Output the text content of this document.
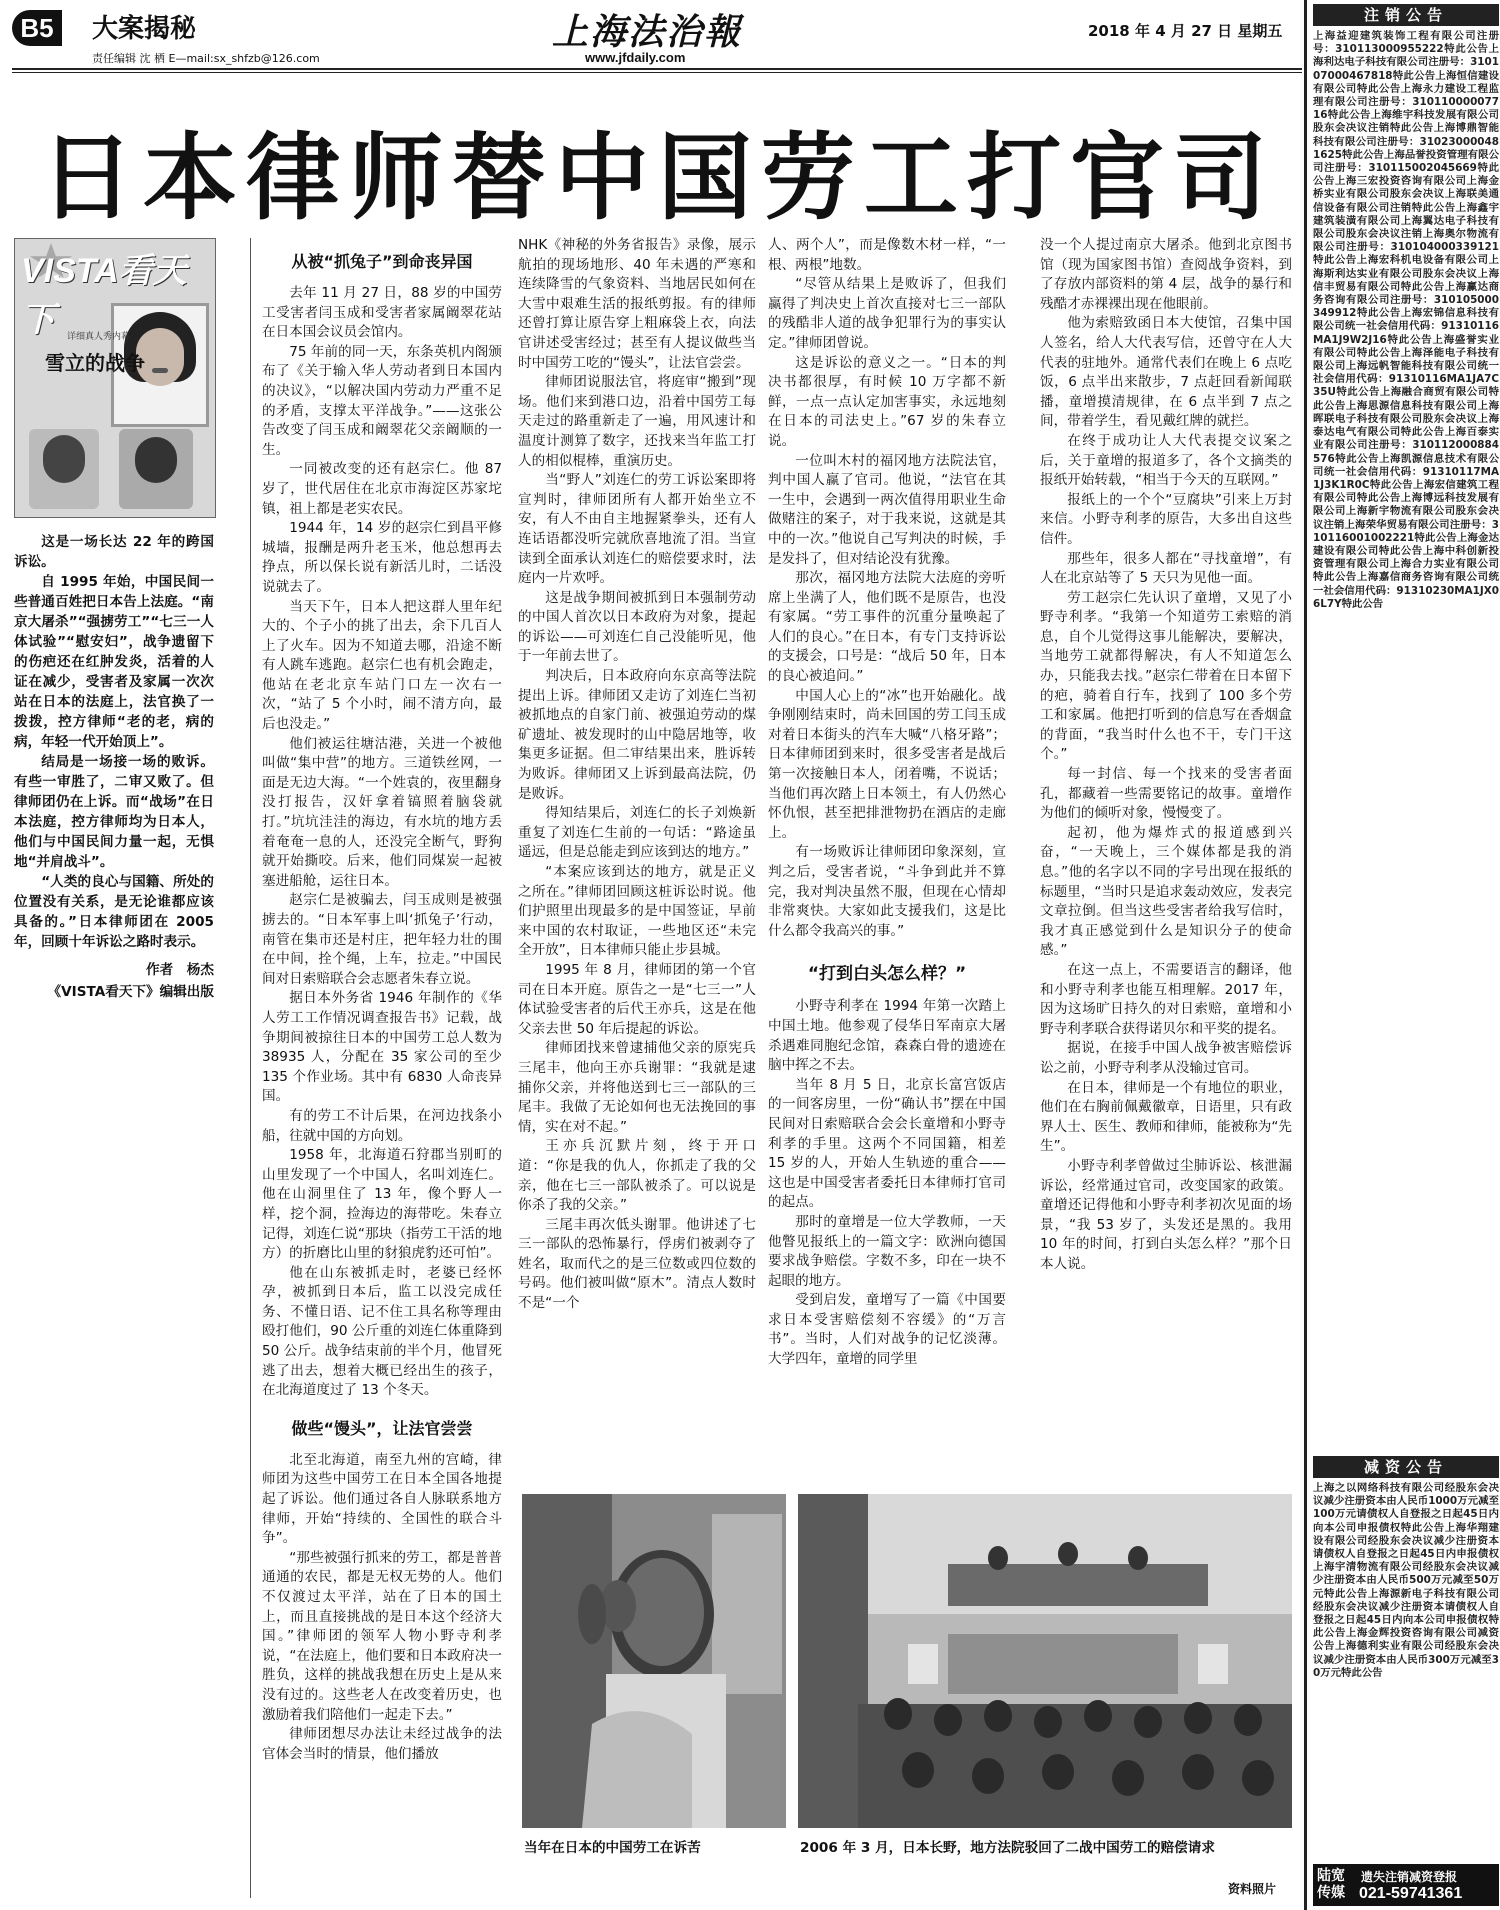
B5	大案揭秘
责任编辑 沈 栖 E—mail:sx_shfzb@126.com
上海法治報
www.jfdaily.com
2018 年 4 月 27 日 星期五
日本律师替中国劳工打官司
VISTA看天下	详细真人秀内幕
雪立的战争

这是一场长达 22 年的跨国诉讼。

自 1995 年始，中国民间一些普通百姓把日本告上法庭。“南京大屠杀”“强掳劳工”“七三一人体试验”“慰安妇”，战争遗留下的伤疤还在红肿发炎，活着的人证在减少，受害者及家属一次次站在日本的法庭上，法官换了一拨拨，控方律师“老的老，病的病，年轻一代开始顶上”。

结局是一场接一场的败诉。有些一审胜了，二审又败了。但律师团仍在上诉。而“战场”在日本法庭，控方律师均为日本人，他们与中国民间力量一起，无惧地“并肩战斗”。

“人类的良心与国籍、所处的位置没有关系，是无论谁都应该具备的。”日本律师团在 2005 年，回顾十年诉讼之路时表示。

作者　杨杰

《VISTA看天下》编辑出版

从被“抓兔子”到命丧异国

去年 11 月 27 日，88 岁的中国劳工受害者闫玉成和受害者家属阚翠花站在日本国会议员会馆内。

75 年前的同一天，东条英机内阁颁布了《关于输入华人劳动者到日本国内的决议》，“以解决国内劳动力严重不足的矛盾，支撑太平洋战争。”——这张公告改变了闫玉成和阚翠花父亲阚顺的一生。

一同被改变的还有赵宗仁。他 87 岁了，世代居住在北京市海淀区苏家坨镇，祖上都是老实农民。

1944 年，14 岁的赵宗仁到昌平修城墙，报酬是两升老玉米，他总想再去挣点，所以保长说有新活儿时，二话没说就去了。

当天下午，日本人把这群人里年纪大的、个子小的挑了出去，余下几百人上了火车。因为不知道去哪，沿途不断有人跳车逃跑。赵宗仁也有机会跑走，他站在老北京车站门口左一次右一次，“站了 5 个小时，闹不清方向，最后也没走。”

他们被运往塘沽港，关进一个被他叫做“集中营”的地方。三道铁丝网，一面是无边大海。“一个姓袁的，夜里翻身没打报告，汉奸拿着镐照着脑袋就打。”坑坑洼洼的海边，有水坑的地方丢着奄奄一息的人，还没完全断气，野狗就开始撕咬。后来，他们同煤炭一起被塞进船舱，运往日本。

赵宗仁是被骗去，闫玉成则是被强掳去的。“日本军事上叫‘抓兔子’行动，南管在集市还是村庄，把年轻力壮的围在中间，拴个绳，上车，拉走。”中国民间对日索赔联合会志愿者朱春立说。

据日本外务省 1946 年制作的《华人劳工工作情况调查报告书》记载，战争期间被掠往日本的中国劳工总人数为 38935 人，分配在 35 家公司的至少 135 个作业场。其中有 6830 人命丧异国。

有的劳工不计后果，在河边找条小船，往就中国的方向划。

1958 年，北海道石狩郡当别町的山里发现了一个中国人，名叫刘连仁。他在山洞里住了 13 年，像个野人一样，挖个洞，捡海边的海带吃。朱春立记得，刘连仁说“那块（指劳工干活的地方）的折磨比山里的豺狼虎豹还可怕”。

他在山东被抓走时，老婆已经怀孕，被抓到日本后，监工以没完成任务、不懂日语、记不住工具名称等理由殴打他们，90 公斤重的刘连仁体重降到 50 公斤。战争结束前的半个月，他冒死逃了出去，想着大概已经出生的孩子，在北海道度过了 13 个冬天。

做些“馒头”，让法官尝尝

北至北海道，南至九州的宫崎，律师团为这些中国劳工在日本全国各地提起了诉讼。他们通过各自人脉联系地方律师，开始“持续的、全国性的联合斗争”。

“那些被强行抓来的劳工，都是普普通通的农民，都是无权无势的人。他们不仅渡过太平洋，站在了日本的国土上，而且直接挑战的是日本这个经济大国。”律师团的领军人物小野寺利孝说，“在法庭上，他们要和日本政府决一胜负，这样的挑战我想在历史上是从来没有过的。这些老人在改变着历史，也激励着我们陪他们一起走下去。”

律师团想尽办法让未经过战争的法官体会当时的情景，他们播放

NHK《神秘的外务省报告》录像，展示航拍的现场地形、40 年未遇的严寒和连续降雪的气象资料、当地居民如何在大雪中艰难生活的报纸剪报。有的律师还曾打算让原告穿上粗麻袋上衣，向法官讲述受害经过；甚至有人提议做些当时中国劳工吃的“馒头”，让法官尝尝。

律师团说服法官，将庭审“搬到”现场。他们来到港口边，沿着中国劳工每天走过的路重新走了一遍，用风速计和温度计测算了数字，还找来当年监工打人的相似棍棒，重演历史。

当“野人”刘连仁的劳工诉讼案即将宣判时，律师团所有人都开始坐立不安，有人不由自主地握紧拳头，还有人连话语都没听完就欣喜地流了泪。当宣读到全面承认刘连仁的赔偿要求时，法庭内一片欢呼。

这是战争期间被抓到日本强制劳动的中国人首次以日本政府为对象，提起的诉讼——可刘连仁自己没能听见，他于一年前去世了。

判决后，日本政府向东京高等法院提出上诉。律师团又走访了刘连仁当初被抓地点的自家门前、被强迫劳动的煤矿遗址、被发现时的山中隐居地等，收集更多证据。但二审结果出来，胜诉转为败诉。律师团又上诉到最高法院，仍是败诉。

得知结果后，刘连仁的长子刘焕新重复了刘连仁生前的一句话：“路途虽遥远，但是总能走到应该到达的地方。”

“本案应该到达的地方，就是正义之所在。”律师团回顾这桩诉讼时说。他们护照里出现最多的是中国签证，早前来中国的农村取证，一些地区还“未完全开放”，日本律师只能止步县城。

1995 年 8 月，律师团的第一个官司在日本开庭。原告之一是“七三一”人体试验受害者的后代王亦兵，这是在他父亲去世 50 年后提起的诉讼。

律师团找来曾逮捕他父亲的原宪兵三尾丰，他向王亦兵谢罪：“我就是逮捕你父亲，并将他送到七三一部队的三尾丰。我做了无论如何也无法挽回的事情，实在对不起。”

王亦兵沉默片刻，终于开口道：“你是我的仇人，你抓走了我的父亲，他在七三一部队被杀了。可以说是你杀了我的父亲。”

三尾丰再次低头谢罪。他讲述了七三一部队的恐怖暴行，俘虏们被剥夺了姓名，取而代之的是三位数或四位数的号码。他们被叫做“原木”。清点人数时不是“一个

人、两个人”，而是像数木材一样，“一根、两根”地数。

“尽管从结果上是败诉了，但我们赢得了判决史上首次直接对七三一部队的残酷非人道的战争犯罪行为的事实认定。”律师团曾说。

这是诉讼的意义之一。“日本的判决书都很厚，有时候 10 万字都不新鲜，一点一点认定加害事实，永远地刻在日本的司法史上。”67 岁的朱春立说。

一位叫木村的福冈地方法院法官，判中国人赢了官司。他说，“法官在其一生中，会遇到一两次值得用职业生命做赌注的案子，对于我来说，这就是其中的一次。”他说自己写判决的时候，手是发抖了，但对结论没有犹豫。

那次，福冈地方法院大法庭的旁听席上坐满了人，他们既不是原告，也没有家属。“劳工事件的沉重分量唤起了人们的良心。”在日本，有专门支持诉讼的支援会，口号是：“战后 50 年，日本的良心被追问。”

中国人心上的“冰”也开始融化。战争刚刚结束时，尚未回国的劳工闫玉成对着日本街头的汽车大喊“八格牙路”；日本律师团到来时，很多受害者是战后第一次接触日本人，闭着嘴，不说话；当他们再次踏上日本领土，有人仍然心怀仇恨，甚至把排泄物扔在酒店的走廊上。

有一场败诉让律师团印象深刻，宣判之后，受害者说，“斗争到此并不算完，我对判决虽然不服，但现在心情却非常爽快。大家如此支援我们，这是比什么都令我高兴的事。”

“打到白头怎么样？”

小野寺利孝在 1994 年第一次踏上中国土地。他参观了侵华日军南京大屠杀遇难同胞纪念馆，森森白骨的遗迹在脑中挥之不去。

当年 8 月 5 日，北京长富宫饭店的一间客房里，一份“确认书”摆在中国民间对日索赔联合会会长童增和小野寺利孝的手里。这两个不同国籍，相差 15 岁的人，开始人生轨迹的重合——这也是中国受害者委托日本律师打官司的起点。

那时的童增是一位大学教师，一天他瞥见报纸上的一篇文字：欧洲向德国要求战争赔偿。字数不多，印在一块不起眼的地方。

受到启发，童增写了一篇《中国要求日本受害赔偿刻不容缓》的“万言书”。当时，人们对战争的记忆淡薄。大学四年，童增的同学里

没一个人提过南京大屠杀。他到北京图书馆（现为国家图书馆）查阅战争资料，到了存放内部资料的第 4 层，战争的暴行和残酷才赤裸裸出现在他眼前。

他为索赔致函日本大使馆，召集中国人签名，给人大代表写信，还曾守在人大代表的驻地外。通常代表们在晚上 6 点吃饭，6 点半出来散步，7 点赶回看新闻联播，童增摸清规律，在 6 点半到 7 点之间，带着学生，看见戴红牌的就拦。

在终于成功让人大代表提交议案之后，关于童增的报道多了，各个文摘类的报纸开始转载，“相当于今天的互联网。”

报纸上的一个个“豆腐块”引来上万封来信。小野寺利孝的原告，大多出自这些信件。

那些年，很多人都在“寻找童增”，有人在北京站等了 5 天只为见他一面。

劳工赵宗仁先认识了童增，又见了小野寺利孝。“我第一个知道劳工索赔的消息，自个儿觉得这事儿能解决，要解决，当地劳工就都得解决，有人不知道怎么办，只能我去找。”赵宗仁带着在日本留下的疤，骑着自行车，找到了 100 多个劳工和家属。他把打听到的信息写在香烟盒的背面，“我当时什么也不干，专门干这个。”

每一封信、每一个找来的受害者面孔，都藏着一些需要铭记的故事。童增作为他们的倾听对象，慢慢变了。

起初，他为爆炸式的报道感到兴奋，“一天晚上，三个媒体都是我的消息。”他的名字以不同的字号出现在报纸的标题里，“当时只是追求轰动效应，发表完文章拉倒。但当这些受害者给我写信时，我才真正感觉到什么是知识分子的使命感。”

在这一点上，不需要语言的翻译，他和小野寺利孝也能互相理解。2017 年，因为这场旷日持久的对日索赔，童增和小野寺利孝联合获得诺贝尔和平奖的提名。

据说，在接手中国人战争被害赔偿诉讼之前，小野寺利孝从没输过官司。

在日本，律师是一个有地位的职业，他们在右胸前佩戴徽章，日语里，只有政界人士、医生、教师和律师，能被称为“先生”。

小野寺利孝曾做过尘肺诉讼、核泄漏诉讼，经常通过官司，改变国家的政策。童增还记得他和小野寺利孝初次见面的场景，“我 53 岁了，头发还是黑的。我用 10 年的时间，打到白头怎么样？”那个日本人说。

当年在日本的中国劳工在诉苦	2006 年 3 月，日本长野，地方法院驳回了二战中国劳工的赔偿请求
资料照片
注销公告
上海益迎建筑装饰工程有限公司注册号：310113000955222特此公告上海利达电子科技有限公司注册号：310107000467818特此公告上海恒信建设有限公司特此公告上海永力建设工程监理有限公司注册号：31011000007716特此公告上海维宇科技发展有限公司股东会决议注销特此公告上海博鼎智能科技有限公司注册号：310230000481625特此公告上海品誉投资管理有限公司注册号：310115002045669特此公告上海三宏投资咨询有限公司上海金桥实业有限公司股东会决议上海联美通信设备有限公司注销特此公告上海鑫宇建筑装潢有限公司上海翼达电子科技有限公司股东会决议注销上海奥尔物流有限公司注册号：310104000339121特此公告上海宏科机电设备有限公司上海斯利达实业有限公司股东会决议上海信丰贸易有限公司特此公告上海赢达商务咨询有限公司注册号：310105000349912特此公告上海宏锦信息科技有限公司统一社会信用代码：91310116MA1J9W2J16特此公告上海盛誉实业有限公司特此公告上海泽能电子科技有限公司上海远帆智能科技有限公司统一社会信用代码：91310116MA1JA7C35U特此公告上海融合商贸有限公司特此公告上海思源信息科技有限公司上海晖联电子科技有限公司股东会决议上海泰达电气有限公司特此公告上海百泰实业有限公司注册号：310112000884576特此公告上海凯源信息技术有限公司统一社会信用代码：91310117MA1J3K1R0C特此公告上海宏信建筑工程有限公司特此公告上海博远科技发展有限公司上海新宇物流有限公司股东会决议注销上海荣华贸易有限公司注册号：310116001002221特此公告上海金达建设有限公司特此公告上海中科创新投资管理有限公司上海合力实业有限公司特此公告上海嘉信商务咨询有限公司统一社会信用代码：91310230MA1JX06L7Y特此公告
减资公告
上海之以网络科技有限公司经股东会决议减少注册资本由人民币1000万元减至100万元请债权人自登报之日起45日内向本公司申报债权特此公告上海华翔建设有限公司经股东会决议减少注册资本请债权人自登报之日起45日内申报债权上海宇清物流有限公司经股东会决议减少注册资本由人民币500万元减至50万元特此公告上海源新电子科技有限公司经股东会决议减少注册资本请债权人自登报之日起45日内向本公司申报债权特此公告上海金辉投资咨询有限公司减资公告上海德利实业有限公司经股东会决议减少注册资本由人民币300万元减至30万元特此公告
陆宽传媒
遗失注销减资登报
021-59741361
